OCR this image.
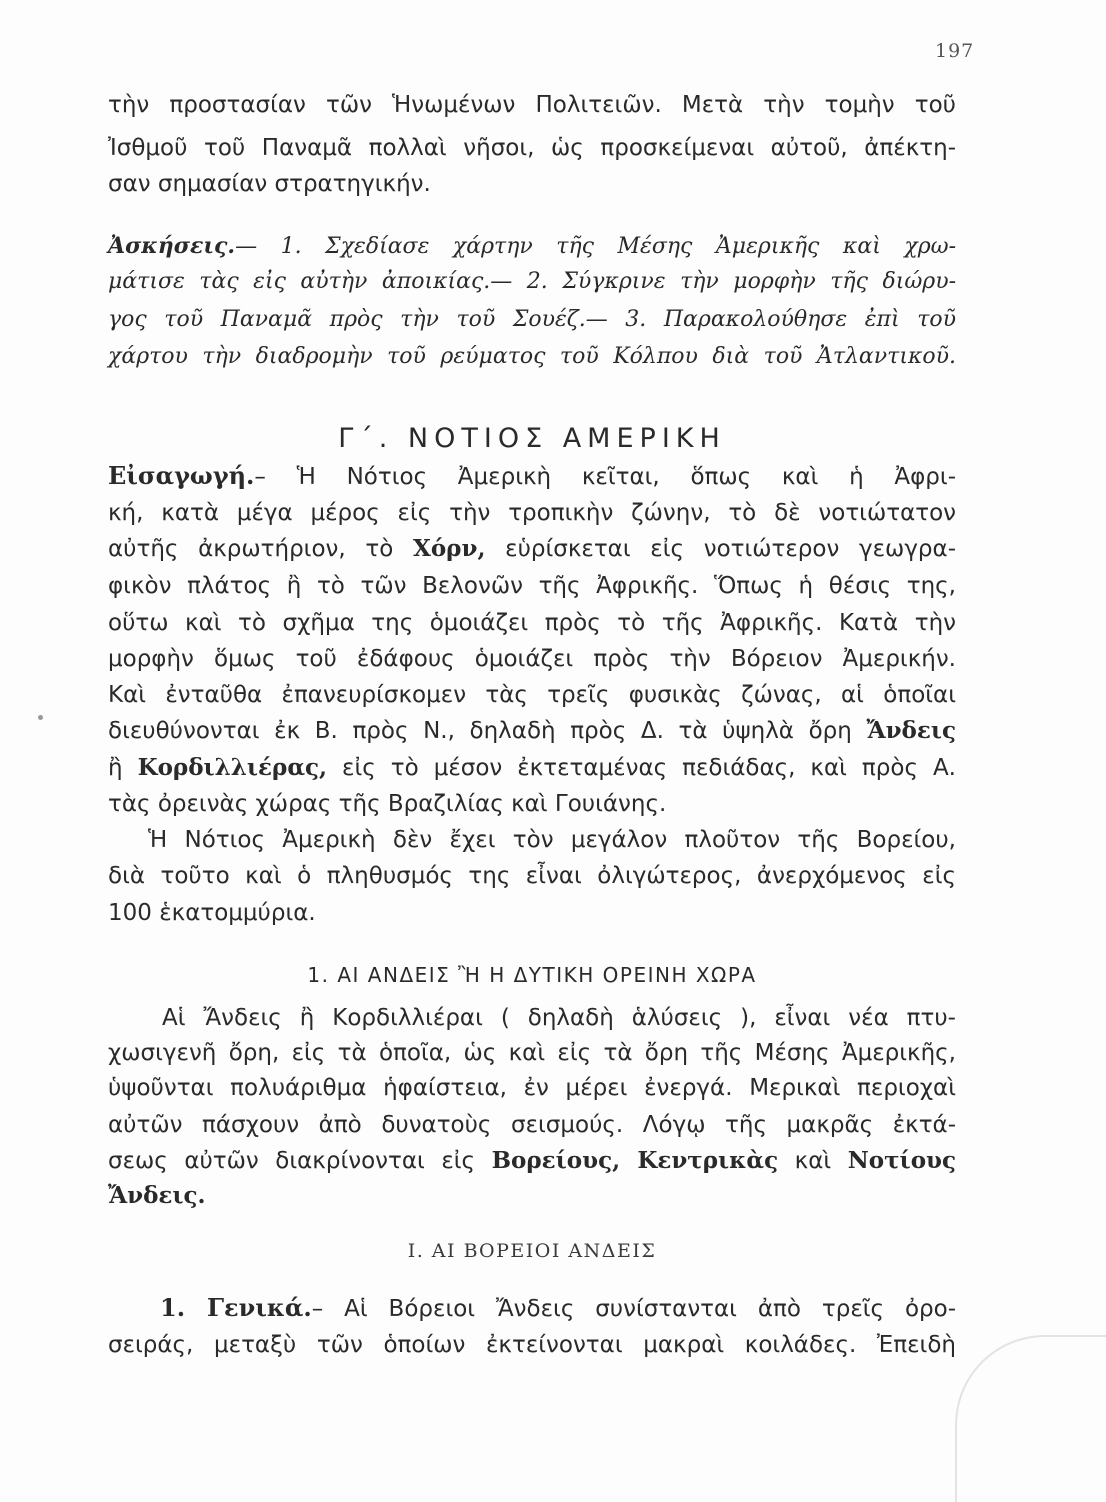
197
τὴν προστασίαν τῶν Ἡνωμένων Πολιτειῶν. Μετὰ τὴν τομὴν τοῦ
Ἰσθμοῦ τοῦ Παναμᾶ πολλαὶ νῆσοι, ὡς προσκείμεναι αὐτοῦ, ἀπέκτη-
σαν σημασίαν στρατηγικήν.
Ἀσκήσεις.— 1. Σχεδίασε χάρτην τῆς Μέσης Ἀμερικῆς καὶ χρω-
μάτισε τὰς εἰς αὐτὴν ἀποικίας.— 2. Σύγκρινε τὴν μορφὴν τῆς διώρυ-
γος τοῦ Παναμᾶ πρὸς τὴν τοῦ Σουέζ.— 3. Παρακολούθησε ἐπὶ τοῦ
χάρτου τὴν διαδρομὴν τοῦ ρεύματος τοῦ Κόλπου διὰ τοῦ Ἀτλαντικοῦ.
Γ΄. ΝΟΤΙΟΣ ΑΜΕΡΙΚΗ
Εἰσαγωγή.– Ἡ Νότιος Ἀμερικὴ κεῖται, ὅπως καὶ ἡ Ἀφρι-
κή, κατὰ μέγα μέρος εἰς τὴν τροπικὴν ζώνην, τὸ δὲ νοτιώτατον
αὐτῆς ἀκρωτήριον, τὸ Χόρν, εὑρίσκεται εἰς νοτιώτερον γεωγρα-
φικὸν πλάτος ἢ τὸ τῶν Βελονῶν τῆς Ἀφρικῆς. Ὅπως ἡ θέσις της,
οὕτω καὶ τὸ σχῆμα της ὁμοιάζει πρὸς τὸ τῆς Ἀφρικῆς. Κατὰ τὴν
μορφὴν ὅμως τοῦ ἐδάφους ὁμοιάζει πρὸς τὴν Βόρειον Ἀμερικήν.
Καὶ ἐνταῦθα ἐπανευρίσκομεν τὰς τρεῖς φυσικὰς ζώνας, αἱ ὁποῖαι
διευθύνονται ἐκ Β. πρὸς Ν., δηλαδὴ πρὸς Δ. τὰ ὑψηλὰ ὄρη Ἄνδεις
ἢ Κορδιλλιέρας, εἰς τὸ μέσον ἐκτεταμένας πεδιάδας, καὶ πρὸς Α.
τὰς ὀρεινὰς χώρας τῆς Βραζιλίας καὶ Γουιάνης.
Ἡ Νότιος Ἀμερικὴ δὲν ἔχει τὸν μεγάλον πλοῦτον τῆς Βορείου,
διὰ τοῦτο καὶ ὁ πληθυσμός της εἶναι ὀλιγώτερος, ἀνερχόμενος εἰς
100 ἑκατομμύρια.
1. ΑΙ ΑΝΔΕΙΣ Ἢ Η ΔΥΤΙΚΗ ΟΡΕΙΝΗ ΧΩΡΑ
Αἱ Ἄνδεις ἢ Κορδιλλιέραι ( δηλαδὴ ἁλύσεις ), εἶναι νέα πτυ-
χωσιγενῆ ὄρη, εἰς τὰ ὁποῖα, ὡς καὶ εἰς τὰ ὄρη τῆς Μέσης Ἀμερικῆς,
ὑψοῦνται πολυάριθμα ἡφαίστεια, ἐν μέρει ἐνεργά. Μερικαὶ περιοχαὶ
αὐτῶν πάσχουν ἀπὸ δυνατοὺς σεισμούς. Λόγῳ τῆς μακρᾶς ἐκτά-
σεως αὐτῶν διακρίνονται εἰς Βορείους, Κεντρικὰς καὶ Νοτίους
Ἄνδεις.
Ι. ΑΙ ΒΟΡΕΙΟΙ ΑΝΔΕΙΣ
1. Γενικά.– Αἱ Βόρειοι Ἄνδεις συνίστανται ἀπὸ τρεῖς ὀρο-
σειράς, μεταξὺ τῶν ὁποίων ἐκτείνονται μακραὶ κοιλάδες. Ἐπειδὴ
